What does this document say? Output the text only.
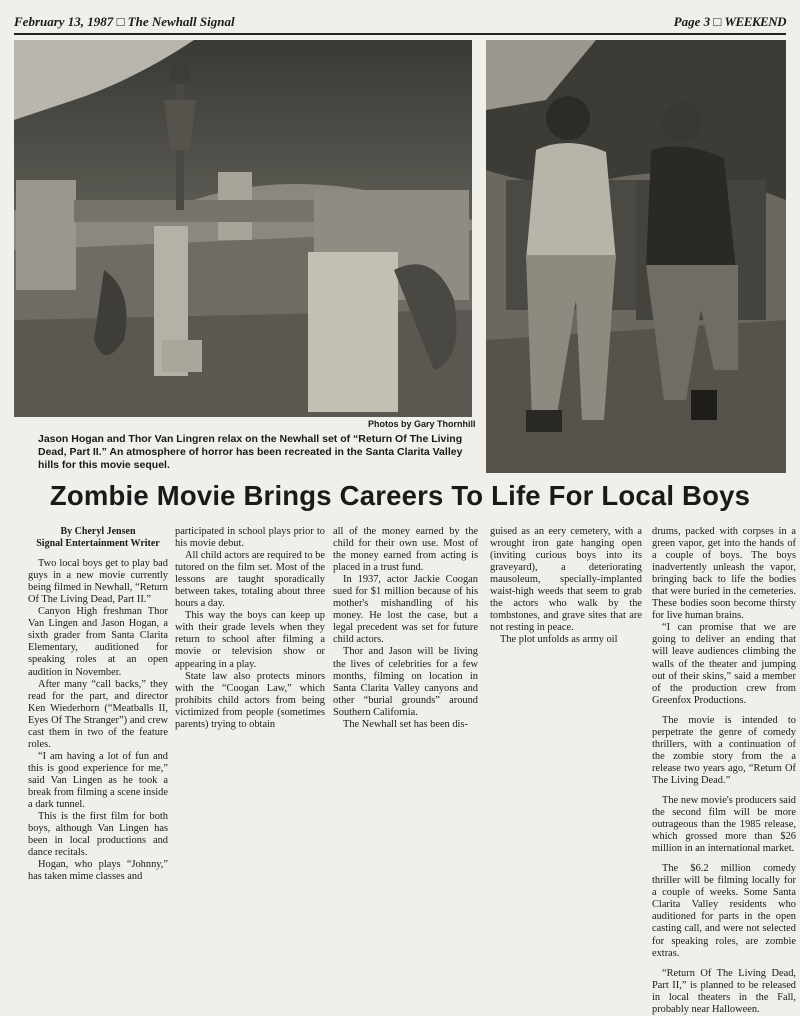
February 13, 1987 □ The Newhall Signal	Page 3 □ WEEKEND
Photos by Gary Thornhill
Jason Hogan and Thor Van Lingren relax on the Newhall set of “Return Of The Living Dead, Part II.” An atmosphere of horror has been recreated in the Santa Clarita Valley hills for this movie sequel.
Zombie Movie Brings Careers To Life For Local Boys

By Cheryl Jensen
Signal Entertainment Writer

Two local boys get to play bad guys in a new movie currently being filmed in Newhall, “Return Of The Living Dead, Part II.”

Canyon High freshman Thor Van Lingen and Jason Hogan, a sixth grader from Santa Clarita Elementary, auditioned for speaking roles at an open audition in November.

After many “call backs,” they read for the part, and director Ken Wiederhorn (“Meatballs II, Eyes Of The Stranger”) and crew cast them in two of the feature roles.

“I am having a lot of fun and this is good experience for me,” said Van Lingen as he took a break from filming a scene inside a dark tunnel.

This is the first film for both boys, although Van Lingen has been in local productions and dance recitals.

Hogan, who plays “Johnny,” has taken mime classes and

participated in school plays prior to his movie debut.

All child actors are required to be tutored on the film set. Most of the lessons are taught sporadically between takes, totaling about three hours a day.

This way the boys can keep up with their grade levels when they return to school after filming a movie or television show or appearing in a play.

State law also protects minors with the “Coogan Law,” which prohibits child actors from being victimized from people (sometimes parents) trying to obtain

all of the money earned by the child for their own use. Most of the money earned from acting is placed in a trust fund.

In 1937, actor Jackie Coogan sued for $1 million because of his mother's mishandling of his money. He lost the case, but a legal precedent was set for future child actors.

Thor and Jason will be living the lives of celebrities for a few months, filming on location in Santa Clarita Valley canyons and other “burial grounds” around Southern California.

The Newhall set has been dis-

guised as an eery cemetery, with a wrought iron gate hanging open (inviting curious boys into its graveyard), a deteriorating mausoleum, specially-implanted waist-high weeds that seem to grab the actors who walk by the tombstones, and grave sites that are not resting in peace.

The plot unfolds as army oil

drums, packed with corpses in a green vapor, get into the hands of a couple of boys. The boys inadvertently unleash the vapor, bringing back to life the bodies that were buried in the cemeteries. These bodies soon become thirsty for live human brains.

“I can promise that we are going to deliver an ending that will leave audiences climbing the walls of the theater and jumping out of their skins,” said a member of the production crew from Greenfox Productions.

The movie is intended to perpetrate the genre of comedy thrillers, with a continuation of the zombie story from the a release two years ago, “Return Of The Living Dead.”

The new movie's producers said the second film will be more outrageous than the 1985 release, which grossed more than $26 million in an international market.

The $6.2 million comedy thriller will be filming locally for a couple of weeks. Some Santa Clarita Valley residents who auditioned for parts in the open casting call, and were not selected for speaking roles, are zombie extras.

“Return Of The Living Dead, Part II,” is planned to be released in local theaters in the Fall, probably near Halloween.
